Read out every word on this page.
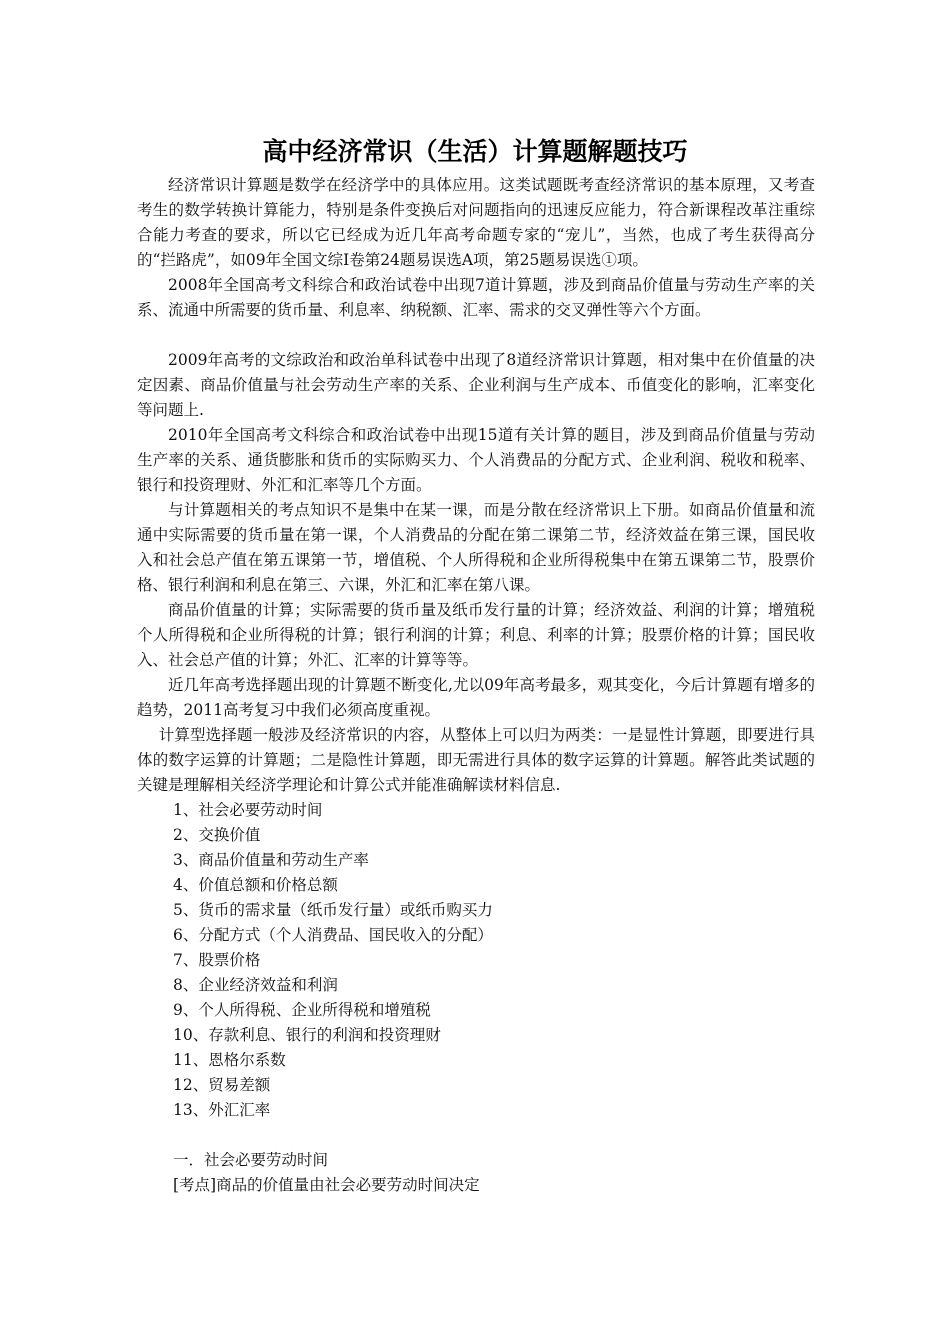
高中经济常识（生活）计算题解题技巧

经济常识计算题是数学在经济学中的具体应用。这类试题既考查经济常识的基本原理，又考查考生的数学转换计算能力，特别是条件变换后对问题指向的迅速反应能力，符合新课程改革注重综合能力考查的要求，所以它已经成为近几年高考命题专家的“宠儿”，当然，也成了考生获得高分的“拦路虎”，如09年全国文综Ⅰ卷第24题易误选A项，第25题易误选①项。

2008年全国高考文科综合和政治试卷中出现7道计算题，涉及到商品价值量与劳动生产率的关系、流通中所需要的货币量、利息率、纳税额、汇率、需求的交叉弹性等六个方面。

2009年高考的文综政治和政治单科试卷中出现了8道经济常识计算题，相对集中在价值量的决定因素、商品价值量与社会劳动生产率的关系、企业利润与生产成本、币值变化的影响，汇率变化等问题上.

2010年全国高考文科综合和政治试卷中出现15道有关计算的题目，涉及到商品价值量与劳动生产率的关系、通货膨胀和货币的实际购买力、个人消费品的分配方式、企业利润、税收和税率、银行和投资理财、外汇和汇率等几个方面。

与计算题相关的考点知识不是集中在某一课，而是分散在经济常识上下册。如商品价值量和流通中实际需要的货币量在第一课，个人消费品的分配在第二课第二节，经济效益在第三课，国民收入和社会总产值在第五课第一节，增值税、个人所得税和企业所得税集中在第五课第二节，股票价格、银行利润和利息在第三、六课，外汇和汇率在第八课。

商品价值量的计算；实际需要的货币量及纸币发行量的计算；经济效益、利润的计算；增殖税个人所得税和企业所得税的计算；银行利润的计算；利息、利率的计算；股票价格的计算；国民收入、社会总产值的计算；外汇、汇率的计算等等。

近几年高考选择题出现的计算题不断变化,尤以09年高考最多，观其变化，今后计算题有增多的趋势，2011高考复习中我们必须高度重视。

计算型选择题一般涉及经济常识的内容，从整体上可以归为两类：一是显性计算题，即要进行具体的数字运算的计算题；二是隐性计算题，即无需进行具体的数字运算的计算题。解答此类试题的关键是理解相关经济学理论和计算公式并能准确解读材料信息.

1、社会必要劳动时间
2、交换价值
3、商品价值量和劳动生产率
4、价值总额和价格总额
5、货币的需求量（纸币发行量）或纸币购买力
6、分配方式（个人消费品、国民收入的分配）
7、股票价格
8、企业经济效益和利润
9、个人所得税、企业所得税和增殖税
10、存款利息、银行的利润和投资理财
11、恩格尔系数
12、贸易差额
13、外汇汇率

一．社会必要劳动时间

[考点]商品的价值量由社会必要劳动时间决定
